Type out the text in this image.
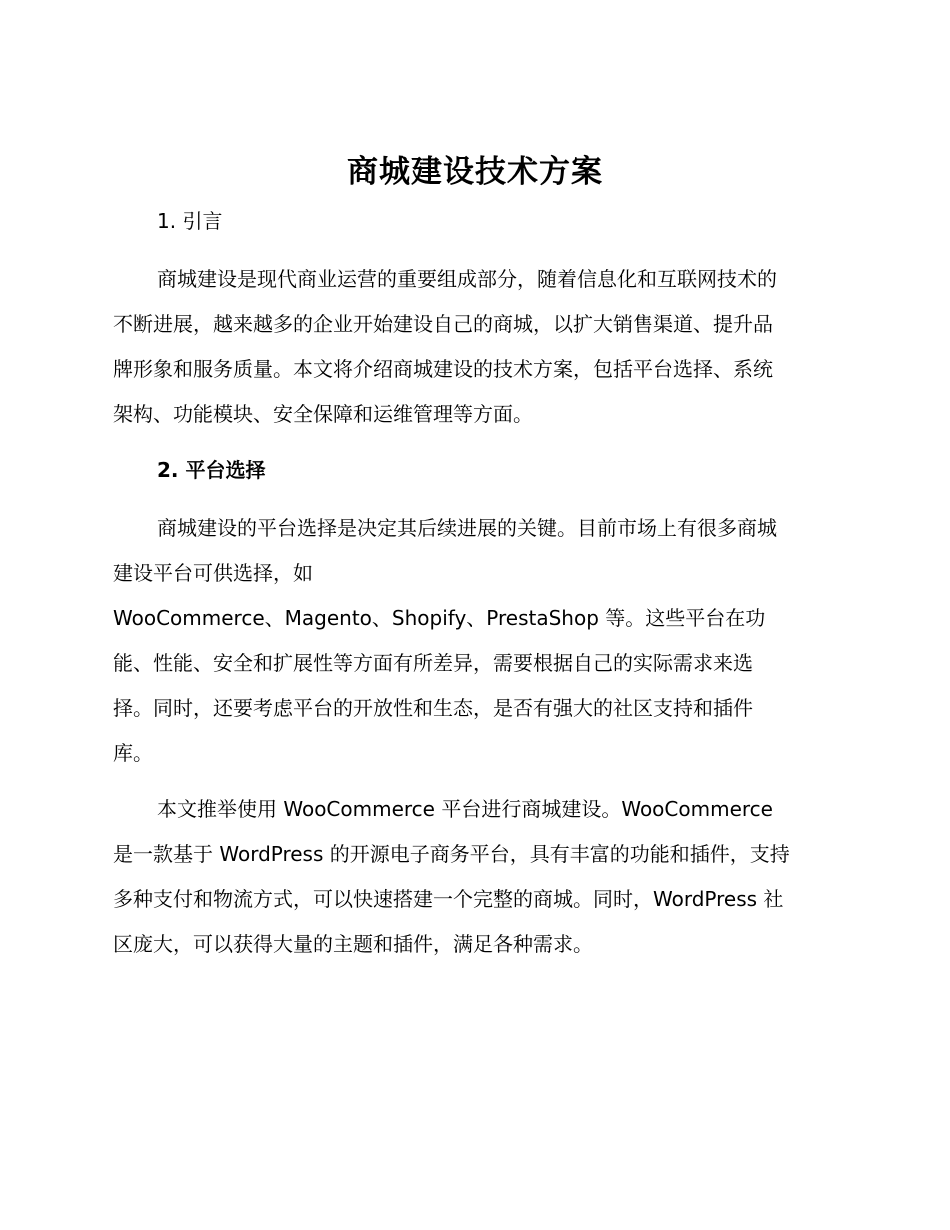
商城建设技术方案
1. 引言

商城建设是现代商业运营的重要组成部分，随着信息化和互联网技术的
不断进展，越来越多的企业开始建设自己的商城，以扩大销售渠道、提升品
牌形象和服务质量。本文将介绍商城建设的技术方案，包括平台选择、系统
架构、功能模块、安全保障和运维管理等方面。

2. 平台选择

商城建设的平台选择是决定其后续进展的关键。目前市场上有很多商城
建设平台可供选择，如
WooCommerce、Magento、Shopify、PrestaShop 等。这些平台在功
能、性能、安全和扩展性等方面有所差异，需要根据自己的实际需求来选
择。同时，还要考虑平台的开放性和生态，是否有强大的社区支持和插件
库。

本文推举使用 WooCommerce 平台进行商城建设。WooCommerce
是一款基于 WordPress 的开源电子商务平台，具有丰富的功能和插件，支持
多种支付和物流方式，可以快速搭建一个完整的商城。同时，WordPress 社
区庞大，可以获得大量的主题和插件，满足各种需求。
